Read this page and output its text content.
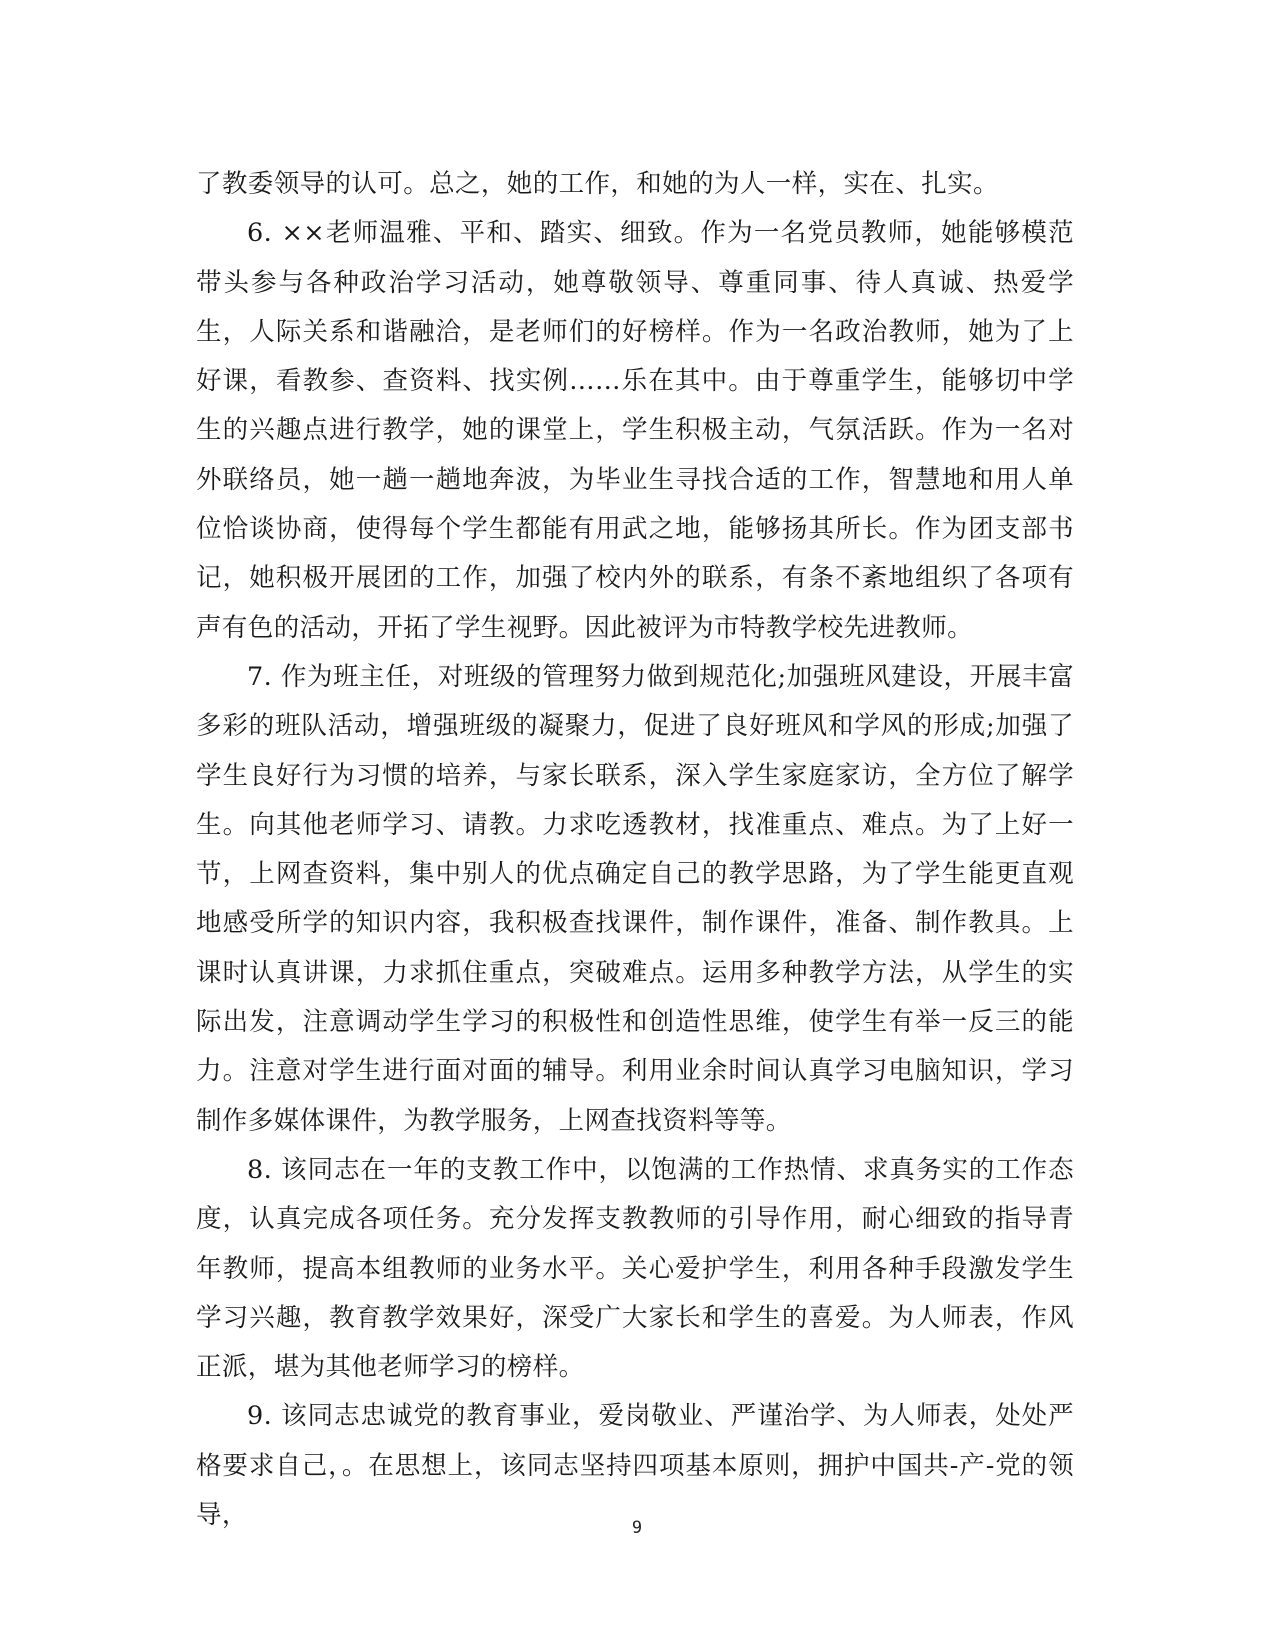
了教委领导的认可。总之，她的工作，和她的为人一样，实在、扎实。

6. ××老师温雅、平和、踏实、细致。作为一名党员教师，她能够模范带头参与各种政治学习活动，她尊敬领导、尊重同事、待人真诚、热爱学生，人际关系和谐融洽，是老师们的好榜样。作为一名政治教师，她为了上好课，看教参、查资料、找实例……乐在其中。由于尊重学生，能够切中学生的兴趣点进行教学，她的课堂上，学生积极主动，气氛活跃。作为一名对外联络员，她一趟一趟地奔波，为毕业生寻找合适的工作，智慧地和用人单位恰谈协商，使得每个学生都能有用武之地，能够扬其所长。作为团支部书记，她积极开展团的工作，加强了校内外的联系，有条不紊地组织了各项有声有色的活动，开拓了学生视野。因此被评为市特教学校先进教师。

7. 作为班主任，对班级的管理努力做到规范化;加强班风建设，开展丰富多彩的班队活动，增强班级的凝聚力，促进了良好班风和学风的形成;加强了学生良好行为习惯的培养，与家长联系，深入学生家庭家访，全方位了解学生。向其他老师学习、请教。力求吃透教材，找准重点、难点。为了上好一节，上网查资料，集中别人的优点确定自己的教学思路，为了学生能更直观地感受所学的知识内容，我积极查找课件，制作课件，准备、制作教具。上课时认真讲课，力求抓住重点，突破难点。运用多种教学方法，从学生的实际出发，注意调动学生学习的积极性和创造性思维，使学生有举一反三的能力。注意对学生进行面对面的辅导。利用业余时间认真学习电脑知识，学习制作多媒体课件，为教学服务，上网查找资料等等。

8. 该同志在一年的支教工作中，以饱满的工作热情、求真务实的工作态度，认真完成各项任务。充分发挥支教教师的引导作用，耐心细致的指导青年教师，提高本组教师的业务水平。关心爱护学生，利用各种手段激发学生学习兴趣，教育教学效果好，深受广大家长和学生的喜爱。为人师表，作风正派，堪为其他老师学习的榜样。

9. 该同志忠诚党的教育事业，爱岗敬业、严谨治学、为人师表，处处严格要求自己，。在思想上，该同志坚持四项基本原则，拥护中国共-产-党的领导，	9
